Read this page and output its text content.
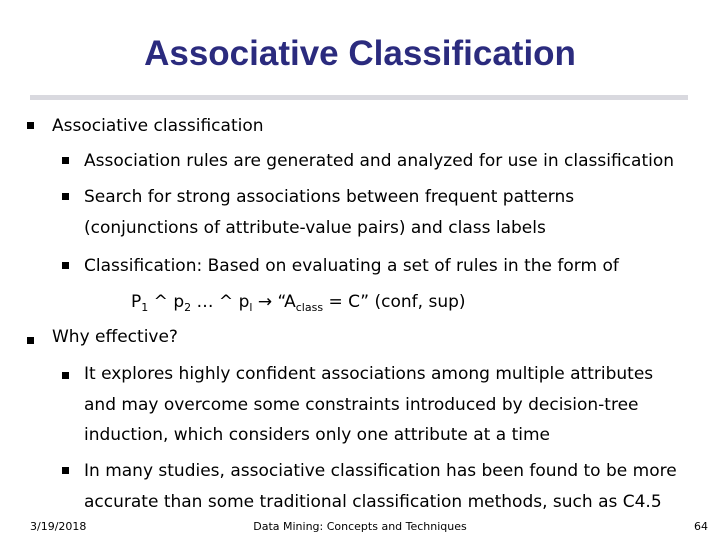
Associative Classification
Associative classification
Association rules are generated and analyzed for use in classification
Search for strong associations between frequent patterns
(conjunctions of attribute-value pairs) and class labels
Classification: Based on evaluating a set of rules in the form of
$P_1$ ^ $p_2$ … ^ $p_l$ → “$A_{class} = C$” (conf, sup)
Why effective?
It explores highly confident associations among multiple attributes
and may overcome some constraints introduced by decision-tree
induction, which considers only one attribute at a time
In many studies, associative classification has been found to be more
accurate than some traditional classification methods, such as C4.5
3/19/2018	Data Mining: Concepts and Techniques	64
